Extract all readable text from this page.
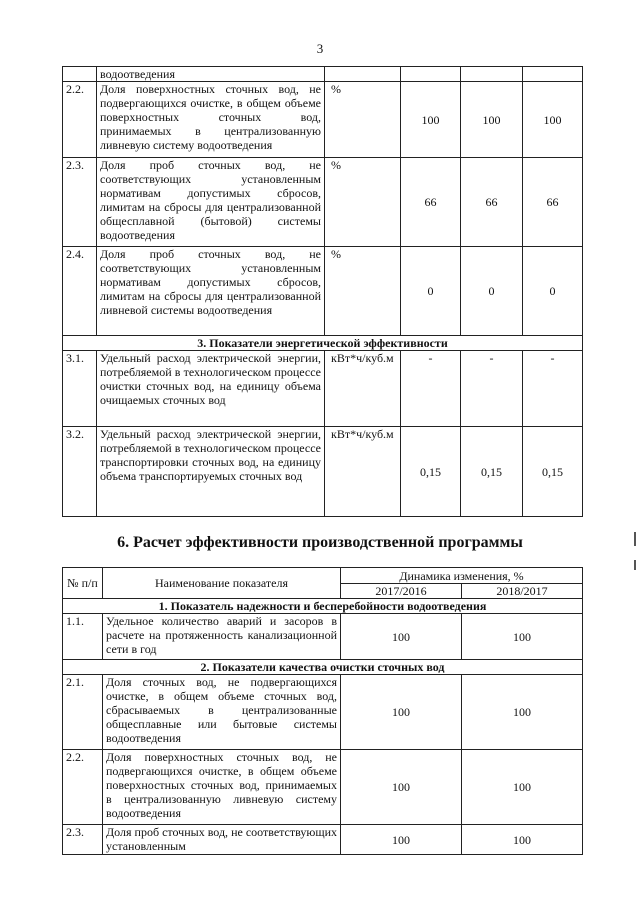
3
	водоотведения				
2.2.	Доля поверхностных сточных вод, не подвергающихся очистке, в общем объеме поверхностных сточных вод, принимаемых в централизованную ливневую систему водоотведения	%	100	100	100
2.3.	Доля проб сточных вод, не соответствующих установленным нормативам допустимых сбросов, лимитам на сбросы для централизованной общесплавной (бытовой) системы водоотведения	%	66	66	66
2.4.	Доля проб сточных вод, не соответствующих установленным нормативам допустимых сбросов, лимитам на сбросы для централизованной ливневой системы водоотведения	%	0	0	0
3. Показатели энергетической эффективности					
3.1.	Удельный расход электрической энергии, потребляемой в технологическом процессе очистки сточных вод, на единицу объема очищаемых сточных вод	кВт*ч/куб.м	-	-	-
3.2.	Удельный расход электрической энергии, потребляемой в технологическом процессе транспортировки сточных вод, на единицу объема транспортируемых сточных вод	кВт*ч/куб.м	0,15	0,15	0,15
6. Расчет эффективности производственной программы
№ п/п	Наименование показателя	Динамика изменения, %	
		2017/2016	2018/2017
1. Показатель надежности и бесперебойности водоотведения			
1.1.	Удельное количество аварий и засоров в расчете на протяженность канализационной сети в год	100	100
2. Показатели качества очистки сточных вод			
2.1.	Доля сточных вод, не подвергающихся очистке, в общем объеме сточных вод, сбрасываемых в централизованные общесплавные или бытовые системы водоотведения	100	100
2.2.	Доля поверхностных сточных вод, не подвергающихся очистке, в общем объеме поверхностных сточных вод, принимаемых в централизованную ливневую систему водоотведения	100	100
2.3.	Доля проб сточных вод, не соответствующих установленным	100	100
